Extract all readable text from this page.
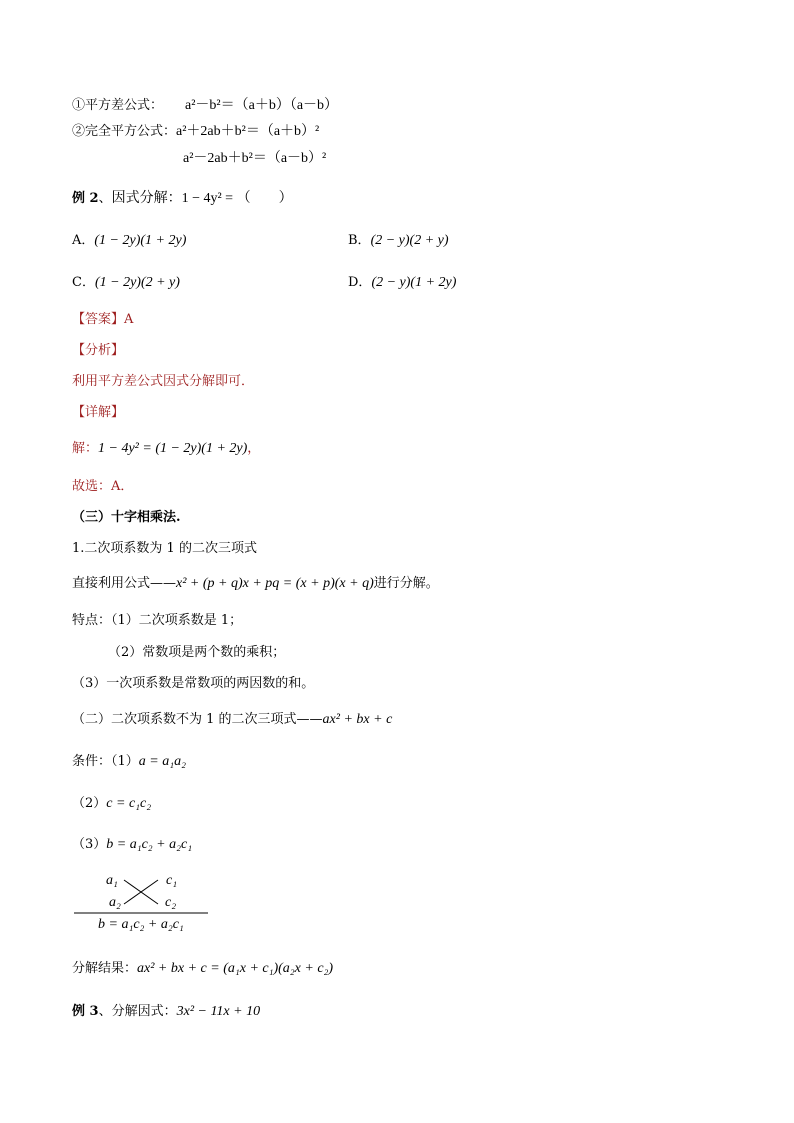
①平方差公式： a²－b²＝（a＋b）（a－b）
②完全平方公式：a²＋2ab＋b²＝（a＋b）²
a²－2ab＋b²＝（a－b）²
例 2、因式分解：1 − 4y² = （　　）
A．(1 − 2y)(1 + 2y)	B．(2 − y)(2 + y)
C．(1 − 2y)(2 + y)	D．(2 − y)(1 + 2y)
【答案】A
【分析】
利用平方差公式因式分解即可．
【详解】
解：1 − 4y² = (1 − 2y)(1 + 2y)，
故选：A．
（三）十字相乘法.
1.二次项系数为 1 的二次三项式
直接利用公式——x² + (p + q)x + pq = (x + p)(x + q)进行分解。
特点：（1）二次项系数是 1；
（2）常数项是两个数的乘积；
（3）一次项系数是常数项的两因数的和。
（二）二次项系数不为 1 的二次三项式——ax² + bx + c
条件：（1）a = a₁a₂
（2）c = c₁c₂
（3）b = a₁c₂ + a₂c₁
a₁	c₁
a₂	c₂
b = a₁c₂ + a₂c₁
分解结果：ax² + bx + c = (a₁x + c₁)(a₂x + c₂)
例 3、分解因式：3x² − 11x + 10
